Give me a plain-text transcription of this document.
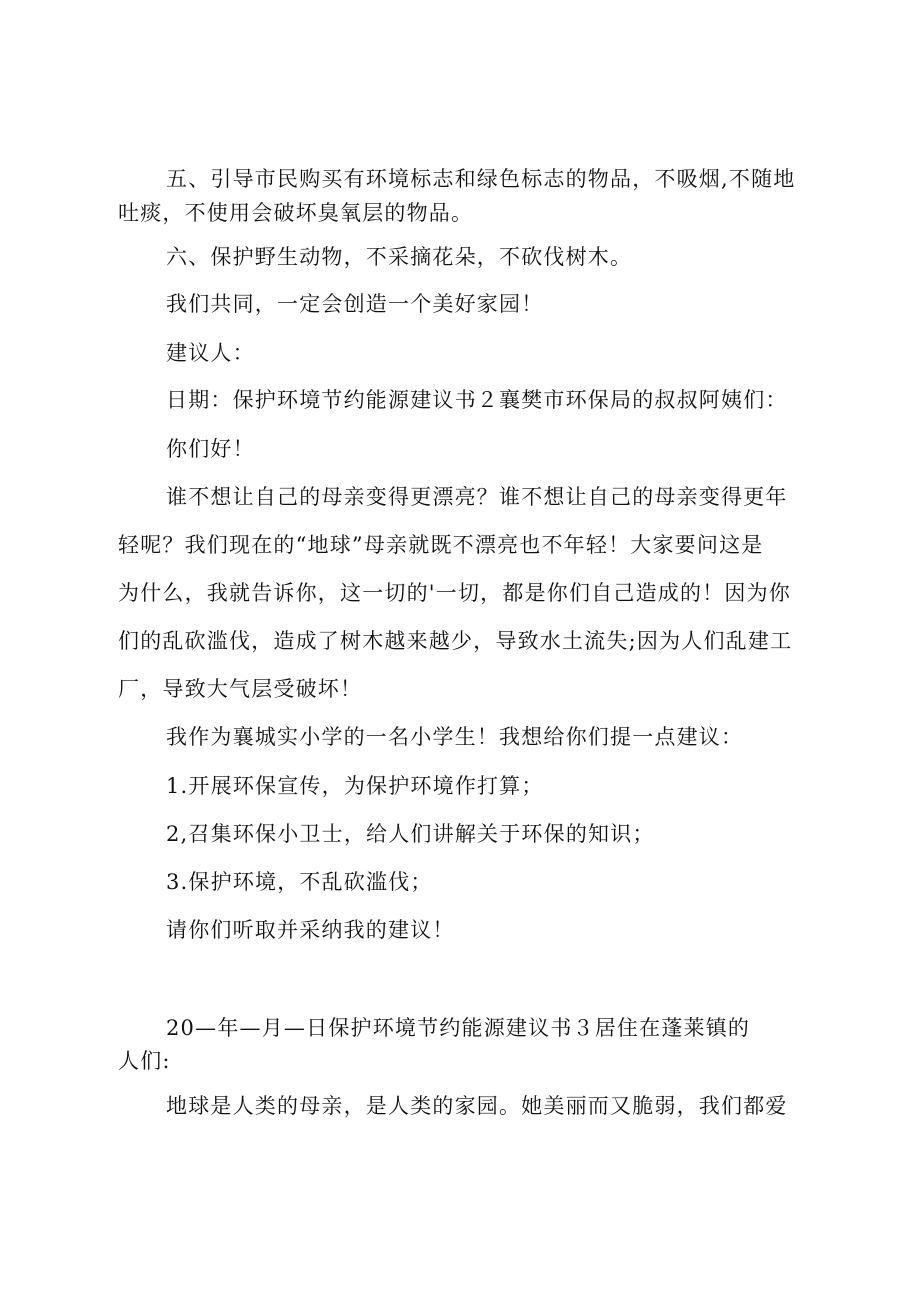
五、引导市民购买有环境标志和绿色标志的物品，不吸烟,不随地
吐痰，不使用会破坏臭氧层的物品。
六、保护野生动物，不采摘花朵，不砍伐树木。
我们共同，一定会创造一个美好家园！
建议人：
日期：保护环境节约能源建议书２襄樊市环保局的叔叔阿姨们：
你们好！
谁不想让自己的母亲变得更漂亮？谁不想让自己的母亲变得更年
轻呢？我们现在的“地球”母亲就既不漂亮也不年轻！大家要问这是
为什么，我就告诉你，这一切的'一切，都是你们自己造成的！因为你
们的乱砍滥伐，造成了树木越来越少，导致水土流失;因为人们乱建工
厂，导致大气层受破坏！
我作为襄城实小学的一名小学生！我想给你们提一点建议：
1.开展环保宣传，为保护环境作打算；
2,召集环保小卫士，给人们讲解关于环保的知识；
3.保护环境，不乱砍滥伐；
请你们听取并采纳我的建议！
20—年—月—日保护环境节约能源建议书３居住在蓬莱镇的
人们:
地球是人类的母亲，是人类的家园。她美丽而又脆弱，我们都爱
